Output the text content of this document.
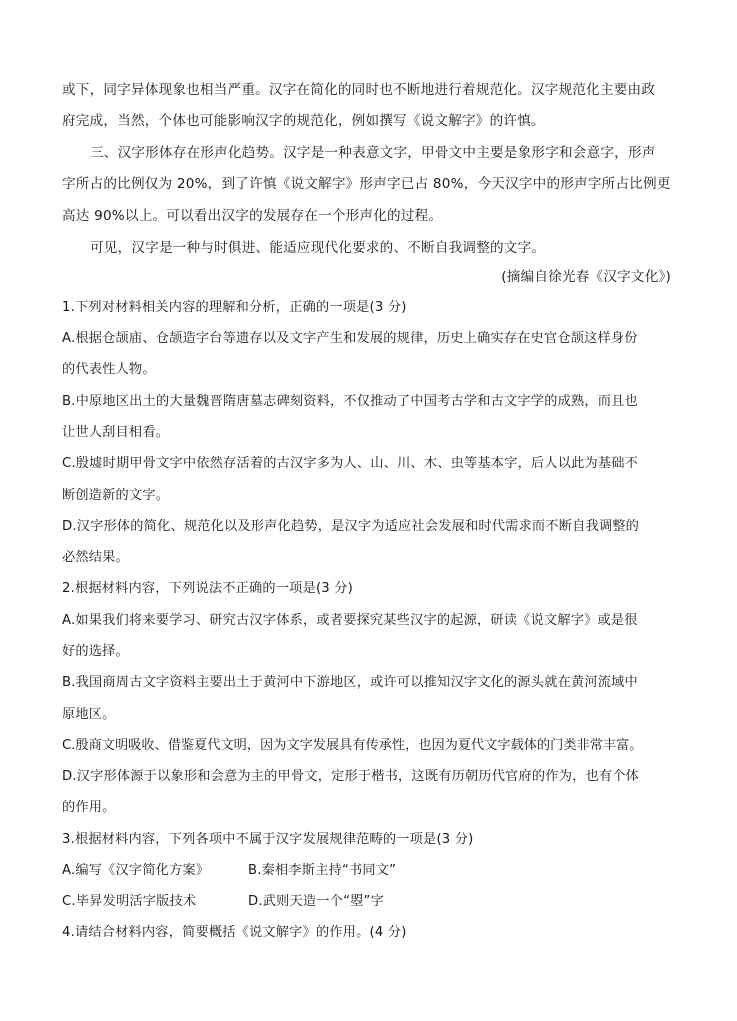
或下，同字异体现象也相当严重。汉字在简化的同时也不断地进行着规范化。汉字规范化主要由政
府完成，当然，个体也可能影响汉字的规范化，例如撰写《说文解字》的许慎。
三、汉字形体存在形声化趋势。汉字是一种表意文字，甲骨文中主要是象形字和会意字，形声
字所占的比例仅为 20%，到了许慎《说文解字》形声字已占 80%，今天汉字中的形声字所占比例更
高达 90%以上。可以看出汉字的发展存在一个形声化的过程。
可见，汉字是一种与时俱进、能适应现代化要求的、不断自我调整的文字。
(摘编自徐光春《汉字文化》)
1.下列对材料相关内容的理解和分析，正确的一项是(3 分)
A.根据仓颉庙、仓颉造字台等遗存以及文字产生和发展的规律，历史上确实存在史官仓颉这样身份
的代表性人物。
B.中原地区出土的大量魏晋隋唐墓志碑刻资料，不仅推动了中国考古学和古文字学的成熟，而且也
让世人刮目相看。
C.殷墟时期甲骨文字中依然存活着的古汉字多为人、山、川、木、虫等基本字，后人以此为基础不
断创造新的文字。
D.汉字形体的简化、规范化以及形声化趋势，是汉字为适应社会发展和时代需求而不断自我调整的
必然结果。
2.根据材料内容，下列说法不正确的一项是(3 分)
A.如果我们将来要学习、研究古汉字体系，或者要探究某些汉字的起源，研读《说文解字》或是很
好的选择。
B.我国商周古文字资料主要出土于黄河中下游地区，或许可以推知汉字文化的源头就在黄河流域中
原地区。
C.殷商文明吸收、借鉴夏代文明，因为文字发展具有传承性，也因为夏代文字载体的门类非常丰富。
D.汉字形体源于以象形和会意为主的甲骨文，定形于楷书，这既有历朝历代官府的作为，也有个体
的作用。
3.根据材料内容，下列各项中不属于汉字发展规律范畴的一项是(3 分)
A.编写《汉字简化方案》	B.秦相李斯主持“书同文”
C.毕昇发明活字版技术	D.武则天造一个“曌”字
4.请结合材料内容，简要概括《说文解字》的作用。(4 分)
